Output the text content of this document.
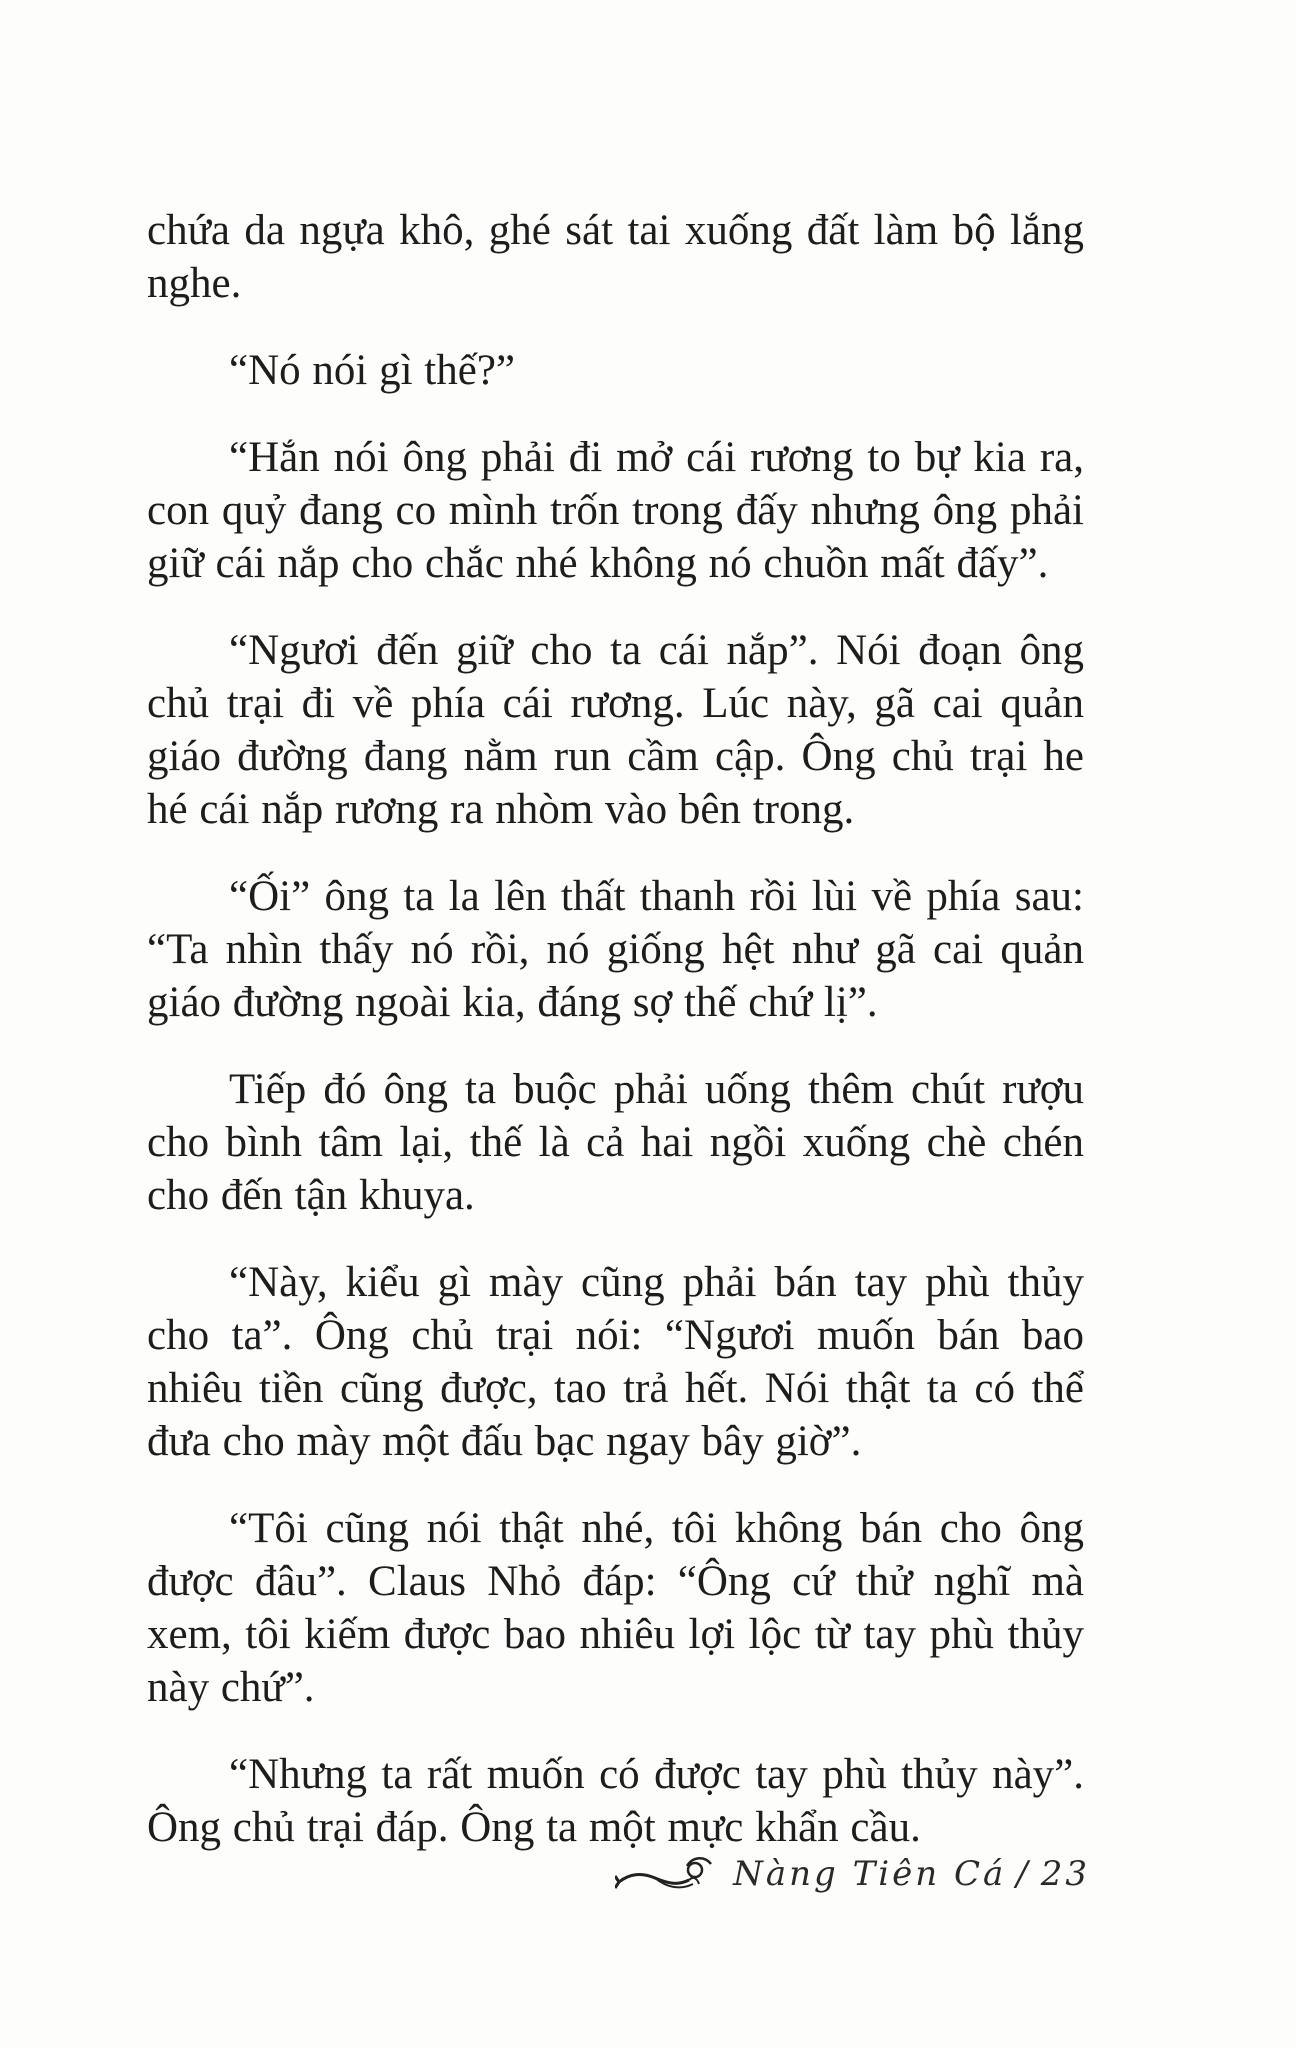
chứa da ngựa khô, ghé sát tai xuống đất làm bộ lắng nghe.

“Nó nói gì thế?”

“Hắn nói ông phải đi mở cái rương to bự kia ra, con quỷ đang co mình trốn trong đấy nhưng ông phải giữ cái nắp cho chắc nhé không nó chuồn mất đấy”.

“Ngươi đến giữ cho ta cái nắp”. Nói đoạn ông chủ trại đi về phía cái rương. Lúc này, gã cai quản giáo đường đang nằm run cầm cập. Ông chủ trại he hé cái nắp rương ra nhòm vào bên trong.

“Ối” ông ta la lên thất thanh rồi lùi về phía sau: “Ta nhìn thấy nó rồi, nó giống hệt như gã cai quản giáo đường ngoài kia, đáng sợ thế chứ lị”.

Tiếp đó ông ta buộc phải uống thêm chút rượu cho bình tâm lại, thế là cả hai ngồi xuống chè chén cho đến tận khuya.

“Này, kiểu gì mày cũng phải bán tay phù thủy cho ta”. Ông chủ trại nói: “Ngươi muốn bán bao nhiêu tiền cũng được, tao trả hết. Nói thật ta có thể đưa cho mày một đấu bạc ngay bây giờ”.

“Tôi cũng nói thật nhé, tôi không bán cho ông được đâu”. Claus Nhỏ đáp: “Ông cứ thử nghĩ mà xem, tôi kiếm được bao nhiêu lợi lộc từ tay phù thủy này chứ”.

“Nhưng ta rất muốn có được tay phù thủy này”. Ông chủ trại đáp. Ông ta một mực khẩn cầu.

Nàng Tiên Cá / 23
